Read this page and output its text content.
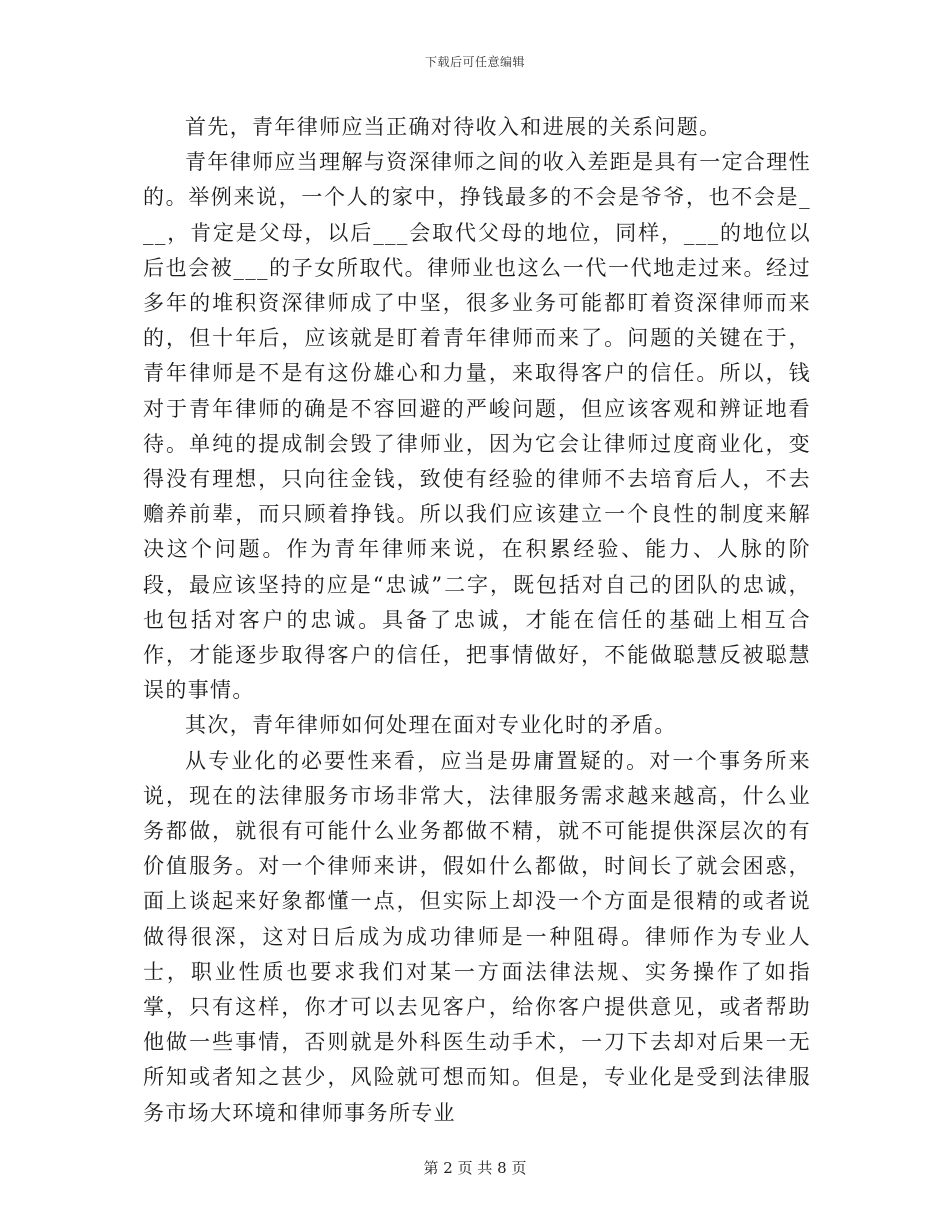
下载后可任意编辑

首先，青年律师应当正确对待收入和进展的关系问题。

青年律师应当理解与资深律师之间的收入差距是具有一定合理性的。举例来说，一个人的家中，挣钱最多的不会是爷爷，也不会是___，肯定是父母，以后___会取代父母的地位，同样，___的地位以后也会被___的子女所取代。律师业也这么一代一代地走过来。经过多年的堆积资深律师成了中坚，很多业务可能都盯着资深律师而来的，但十年后，应该就是盯着青年律师而来了。问题的关键在于，青年律师是不是有这份雄心和力量，来取得客户的信任。所以，钱对于青年律师的确是不容回避的严峻问题，但应该客观和辨证地看待。单纯的提成制会毁了律师业，因为它会让律师过度商业化，变得没有理想，只向往金钱，致使有经验的律师不去培育后人，不去赡养前辈，而只顾着挣钱。所以我们应该建立一个良性的制度来解决这个问题。作为青年律师来说，在积累经验、能力、人脉的阶段，最应该坚持的应是“忠诚”二字，既包括对自己的团队的忠诚，也包括对客户的忠诚。具备了忠诚，才能在信任的基础上相互合作，才能逐步取得客户的信任，把事情做好，不能做聪慧反被聪慧误的事情。

其次，青年律师如何处理在面对专业化时的矛盾。

从专业化的必要性来看，应当是毋庸置疑的。对一个事务所来说，现在的法律服务市场非常大，法律服务需求越来越高，什么业务都做，就很有可能什么业务都做不精，就不可能提供深层次的有价值服务。对一个律师来讲，假如什么都做，时间长了就会困惑，面上谈起来好象都懂一点，但实际上却没一个方面是很精的或者说做得很深，这对日后成为成功律师是一种阻碍。律师作为专业人士，职业性质也要求我们对某一方面法律法规、实务操作了如指掌，只有这样，你才可以去见客户，给你客户提供意见，或者帮助他做一些事情，否则就是外科医生动手术，一刀下去却对后果一无所知或者知之甚少，风险就可想而知。但是，专业化是受到法律服务市场大环境和律师事务所专业

第 2 页 共 8 页
